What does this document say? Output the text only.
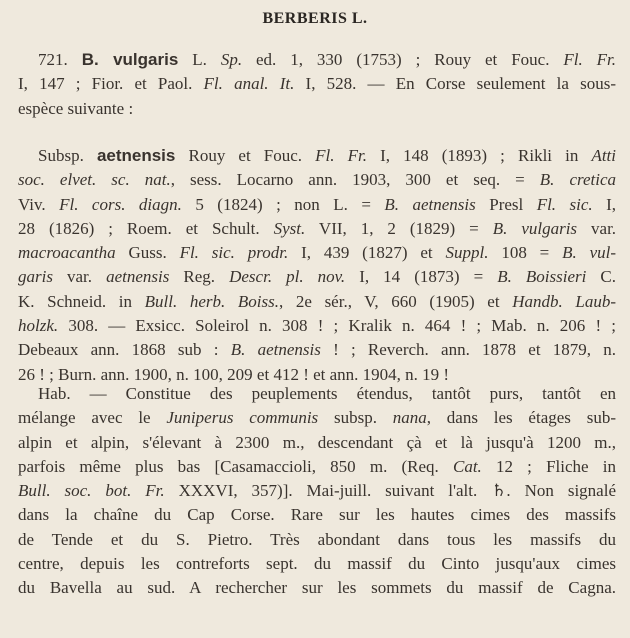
BERBERIS L.
721. B. vulgaris L. Sp. ed. 1, 330 (1753) ; Rouy et Fouc. Fl. Fr.
I, 147 ; Fior. et Paol. Fl. anal. It. I, 528. — En Corse seulement la sous-
espèce suivante :
Subsp. aetnensis Rouy et Fouc. Fl. Fr. I, 148 (1893) ; Rikli in Atti
soc. elvet. sc. nat., sess. Locarno ann. 1903, 300 et seq. = B. cretica
Viv. Fl. cors. diagn. 5 (1824) ; non L. = B. aetnensis Presl Fl. sic. I,
28 (1826) ; Roem. et Schult. Syst. VII, 1, 2 (1829) = B. vulgaris var.
macroacantha Guss. Fl. sic. prodr. I, 439 (1827) et Suppl. 108 = B. vul-
garis var. aetnensis Reg. Descr. pl. nov. I, 14 (1873) = B. Boissieri C.
K. Schneid. in Bull. herb. Boiss., 2e sér., V, 660 (1905) et Handb. Laub-
holzk. 308. — Exsicc. Soleirol n. 308 ! ; Kralik n. 464 ! ; Mab. n. 206 ! ;
Debeaux ann. 1868 sub : B. aetnensis ! ; Reverch. ann. 1878 et 1879, n.
26 ! ; Burn. ann. 1900, n. 100, 209 et 412 ! et ann. 1904, n. 19 !
Hab. — Constitue des peuplements étendus, tantôt purs, tantôt en
mélange avec le Juniperus communis subsp. nana, dans les étages sub-
alpin et alpin, s'élevant à 2300 m., descendant çà et là jusqu'à 1200 m.,
parfois même plus bas [Casamaccioli, 850 m. (Req. Cat. 12 ; Fliche in
Bull. soc. bot. Fr. XXXVI, 357)]. Mai-juill. suivant l'alt. ♄. Non signalé
dans la chaîne du Cap Corse. Rare sur les hautes cimes des massifs
de Tende et du S. Pietro. Très abondant dans tous les massifs du
centre, depuis les contreforts sept. du massif du Cinto jusqu'aux cimes
du Bavella au sud. A rechercher sur les sommets du massif de Cagna.
